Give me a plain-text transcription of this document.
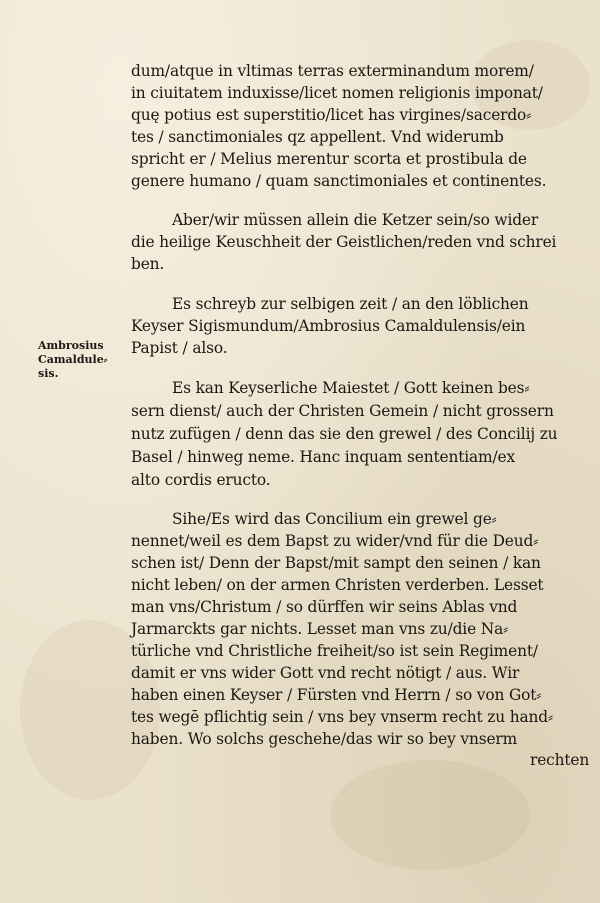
Ambrosius
Camaldule⸗
sis.
dum/atque in vltimas terras exterminandum morem/
in ciuitatem induxisse/licet nomen religionis imponat/
quę potius est superstitio/licet has virgines/sacerdo⸗
tes / sanctimoniales qz appellent. Vnd widerumb
spricht er / Melius merentur scorta et prostibula de
genere humano / quam sanctimoniales et continentes.
Aber/wir müssen allein die Ketzer sein/so wider
die heilige Keuschheit der Geistlichen/reden vnd schrei
ben.
Es schreyb zur selbigen zeit / an den löblichen
Keyser Sigismundum/Ambrosius Camaldulensis/ein
Papist / also.
Es kan Keyserliche Maiestet / Gott keinen bes⸗
sern dienst/ auch der Christen Gemein / nicht grossern
nutz zufügen / denn das sie den grewel / des Concilij zu
Basel / hinweg neme. Hanc inquam sententiam/ex
alto cordis eructo.
Sihe/Es wird das Concilium ein grewel ge⸗
nennet/weil es dem Bapst zu wider/vnd für die Deud⸗
schen ist/ Denn der Bapst/mit sampt den seinen / kan
nicht leben/ on der armen Christen verderben. Lesset
man vns/Christum / so dürffen wir seins Ablas vnd
Jarmarckts gar nichts. Lesset man vns zu/die Na⸗
türliche vnd Christliche freiheit/so ist sein Regiment/
damit er vns wider Gott vnd recht nötigt / aus. Wir
haben einen Keyser / Fürsten vnd Herrn / so von Got⸗
tes wegē pflichtig sein / vns bey vnserm recht zu hand⸗
haben. Wo solchs geschehe/das wir so bey vnserm
rechten
